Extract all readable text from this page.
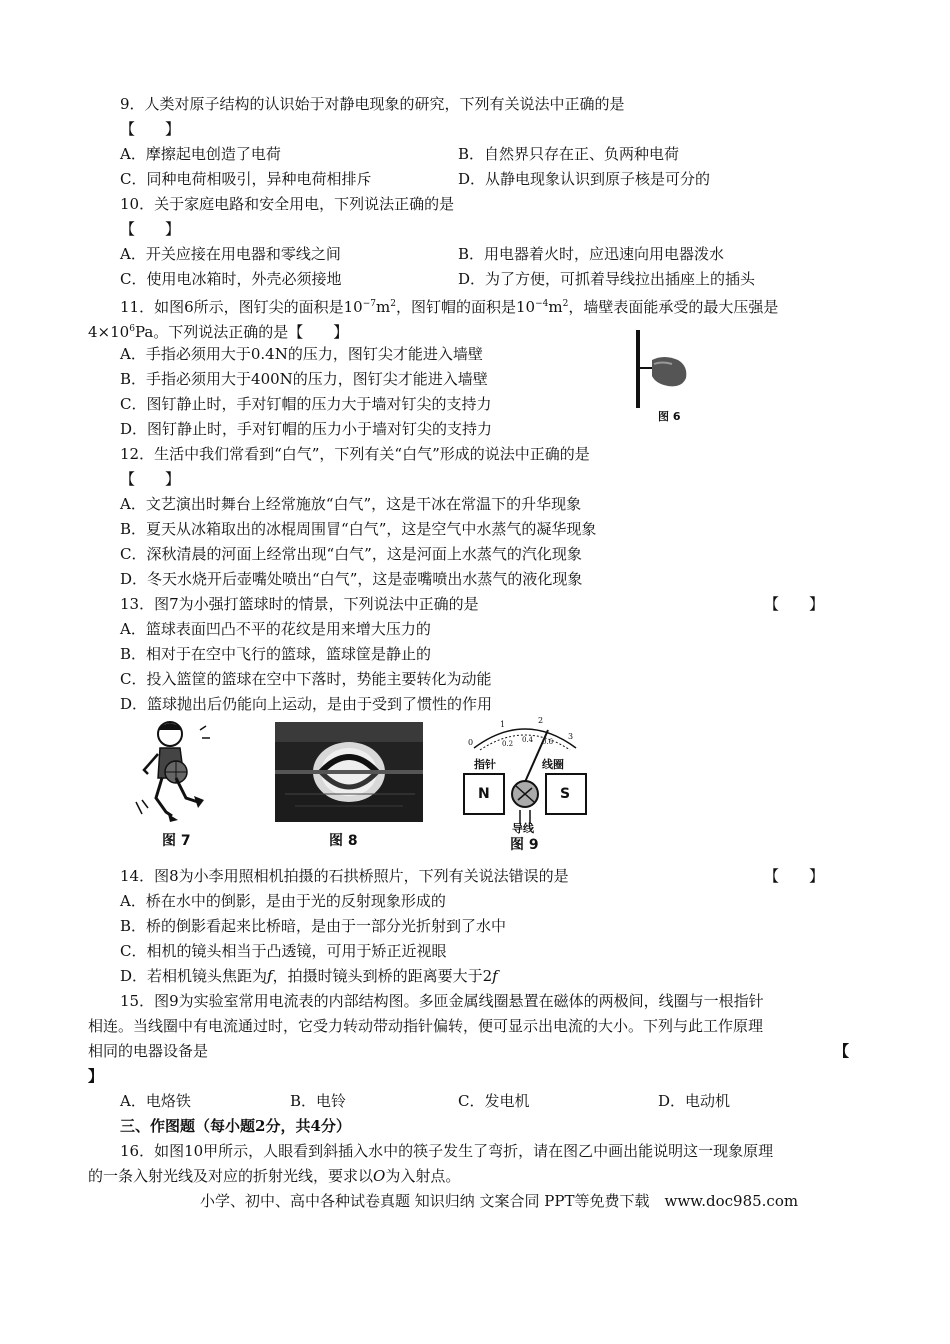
9．人类对原子结构的认识始于对静电现象的研究，下列有关说法中正确的是
【　　】
A．摩擦起电创造了电荷	B．自然界只存在正、负两种电荷
C．同种电荷相吸引，异种电荷相排斥	D．从静电现象认识到原子核是可分的
10．关于家庭电路和安全用电，下列说法正确的是
【　　】
A．开关应接在用电器和零线之间	B．用电器着火时，应迅速向用电器泼水
C．使用电冰箱时，外壳必须接地	D．为了方便，可抓着导线拉出插座上的插头
11．如图6所示，图钉尖的面积是$10^{-7}m^2$，图钉帽的面积是$10^{-4}m^2$，墙壁表面能承受的最大压强是
$4\times 10^6Pa$。下列说法正确的是【　　】
A．手指必须用大于0.4N的压力，图钉尖才能进入墙壁
B．手指必须用大于400N的压力，图钉尖才能进入墙壁
C．图钉静止时，手对钉帽的压力大于墙对钉尖的支持力
D．图钉静止时，手对钉帽的压力小于墙对钉尖的支持力
图 6
12．生活中我们常看到“白气”，下列有关“白气”形成的说法中正确的是
【　　】
A．文艺演出时舞台上经常施放“白气”，这是干冰在常温下的升华现象
B．夏天从冰箱取出的冰棍周围冒“白气”，这是空气中水蒸气的凝华现象
C．深秋清晨的河面上经常出现“白气”，这是河面上水蒸气的汽化现象
D．冬天水烧开后壶嘴处喷出“白气”，这是壶嘴喷出水蒸气的液化现象
13．图7为小强打篮球时的情景，下列说法中正确的是	【　　】
A．篮球表面凹凸不平的花纹是用来增大压力的
B．相对于在空中飞行的篮球，篮球筐是静止的
C．投入篮筐的篮球在空中下落时，势能主要转化为动能
D．篮球抛出后仍能向上运动，是由于受到了惯性的作用
图 7	图 8
0
1	2
3
0.2 0.4 0.6
指针	线圈
N	S
导线
图 9
14．图8为小李用照相机拍摄的石拱桥照片，下列有关说法错误的是	【　　】
A．桥在水中的倒影，是由于光的反射现象形成的
B．桥的倒影看起来比桥暗，是由于一部分光折射到了水中
C．相机的镜头相当于凸透镜，可用于矫正近视眼
D．若相机镜头焦距为ƒ，拍摄时镜头到桥的距离要大于2f
15．图9为实验室常用电流表的内部结构图。多匝金属线圈悬置在磁体的两极间，线圈与一根指针
相连。当线圈中有电流通过时，它受力转动带动指针偏转，便可显示出电流的大小。下列与此工作原理
相同的电器设备是	【
】
A．电烙铁	B．电铃	C．发电机	D．电动机
三、作图题（每小题2分，共4分）
16．如图10甲所示，人眼看到斜插入水中的筷子发生了弯折，请在图乙中画出能说明这一现象原理
的一条入射光线及对应的折射光线，要求以O为入射点。
小学、初中、高中各种试卷真题 知识归纳 文案合同 PPT等免费下载　www.doc985.com
